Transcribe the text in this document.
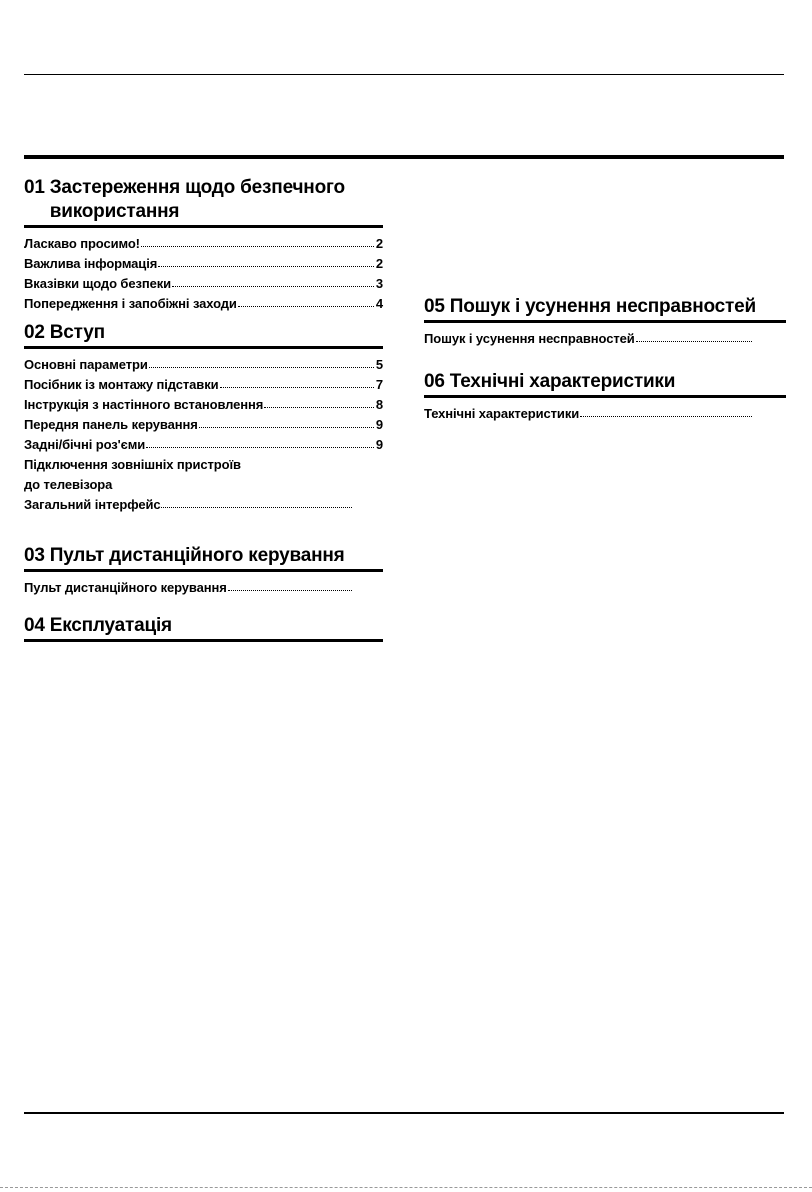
01 Застереження щодо безпечного використання
Ласкаво просимо!	2
Важлива інформація	2
Вказівки щодо безпеки	3
Попередження і запобіжні заходи	4
02 Вступ
Основні параметри	5
Посібник із монтажу підставки	7
Інструкція з настінного встановлення	8
Передня панель керування	9
Задні/бічні роз'єми	9
Підключення зовнішніх пристроїв
до телевізора
Загальний інтерфейс
03 Пульт дистанційного керування
Пульт дистанційного керування
04 Експлуатація
05 Пошук і усунення несправностей
Пошук і усунення несправностей
06 Технічні характеристики
Технічні характеристики
